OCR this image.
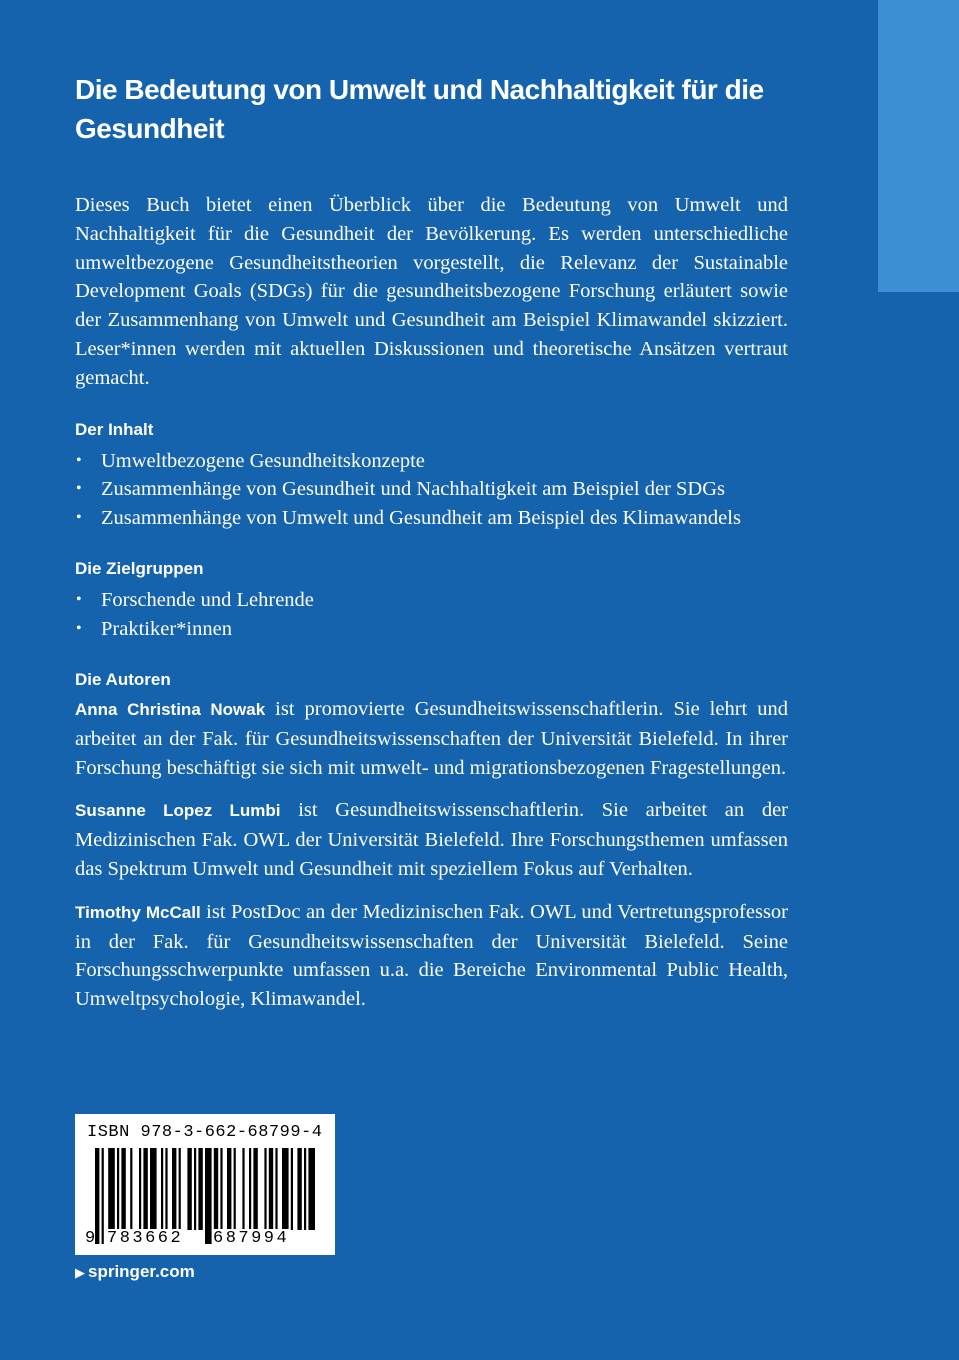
Die Bedeutung von Umwelt und Nachhaltigkeit für die Gesundheit

Dieses Buch bietet einen Überblick über die Bedeutung von Umwelt und Nachhaltigkeit für die Gesundheit der Bevölkerung. Es werden unterschiedliche umweltbezogene Gesundheitstheorien vorgestellt, die Relevanz der Sustainable Development Goals (SDGs) für die gesundheitsbezogene Forschung erläutert sowie der Zusammenhang von Umwelt und Gesundheit am Beispiel Klimawandel skizziert. Leser*innen werden mit aktuellen Diskussionen und theoretische Ansätzen vertraut gemacht.

Der Inhalt
• Umweltbezogene Gesundheitskonzepte
• Zusammenhänge von Gesundheit und Nachhaltigkeit am Beispiel der SDGs
• Zusammenhänge von Umwelt und Gesundheit am Beispiel des Klimawandels
Die Zielgruppen
• Forschende und Lehrende
• Praktiker*innen
Die Autoren

Anna Christina Nowak ist promovierte Gesundheitswissenschaftlerin. Sie lehrt und arbeitet an der Fak. für Gesundheitswissenschaften der Universität Bielefeld. In ihrer Forschung beschäftigt sie sich mit umwelt- und migrationsbezogenen Fragestellungen.

Susanne Lopez Lumbi ist Gesundheitswissenschaftlerin. Sie arbeitet an der Medizinischen Fak. OWL der Universität Bielefeld. Ihre Forschungsthemen umfassen das Spektrum Umwelt und Gesundheit mit speziellem Fokus auf Verhalten.

Timothy McCall ist PostDoc an der Medizinischen Fak. OWL und Vertretungsprofessor in der Fak. für Gesundheitswissenschaften der Universität Bielefeld. Seine Forschungsschwerpunkte umfassen u.a. die Bereiche Environmental Public Health, Umweltpsychologie, Klimawandel.

ISBN 978-3-662-68799-4
9 783662 687994
▶ springer.com
